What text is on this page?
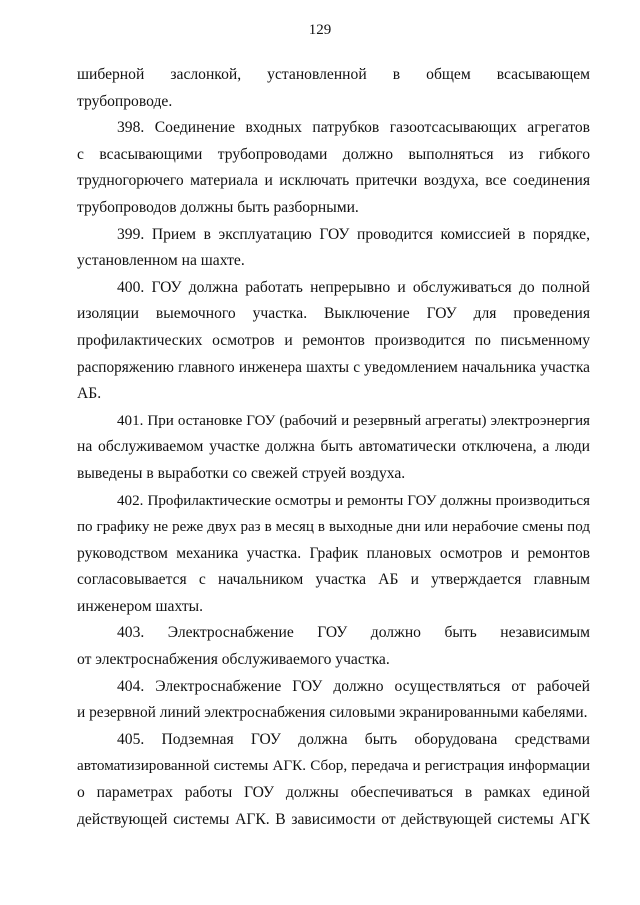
129
шиберной заслонкой, установленной в общем всасывающем
трубопроводе.
398. Соединение входных патрубков газоотсасывающих агрегатов
с всасывающими трубопроводами должно выполняться из гибкого
трудногорючего материала и исключать притечки воздуха, все соединения
трубопроводов должны быть разборными.
399. Прием в эксплуатацию ГОУ проводится комиссией в порядке,
установленном на шахте.
400. ГОУ должна работать непрерывно и обслуживаться до полной
изоляции выемочного участка. Выключение ГОУ для проведения
профилактических осмотров и ремонтов производится по письменному
распоряжению главного инженера шахты с уведомлением начальника участка
АБ.
401. При остановке ГОУ (рабочий и резервный агрегаты) электроэнергия
на обслуживаемом участке должна быть автоматически отключена, а люди
выведены в выработки со свежей струей воздуха.
402. Профилактические осмотры и ремонты ГОУ должны производиться
по графику не реже двух раз в месяц в выходные дни или нерабочие смены под
руководством механика участка. График плановых осмотров и ремонтов
согласовывается с начальником участка АБ и утверждается главным
инженером шахты.
403. Электроснабжение ГОУ должно быть независимым
от электроснабжения обслуживаемого участка.
404. Электроснабжение ГОУ должно осуществляться от рабочей
и резервной линий электроснабжения силовыми экранированными кабелями.
405. Подземная ГОУ должна быть оборудована средствами
автоматизированной системы АГК. Сбор, передача и регистрация информации
о параметрах работы ГОУ должны обеспечиваться в рамках единой
действующей системы АГК. В зависимости от действующей системы АГК
